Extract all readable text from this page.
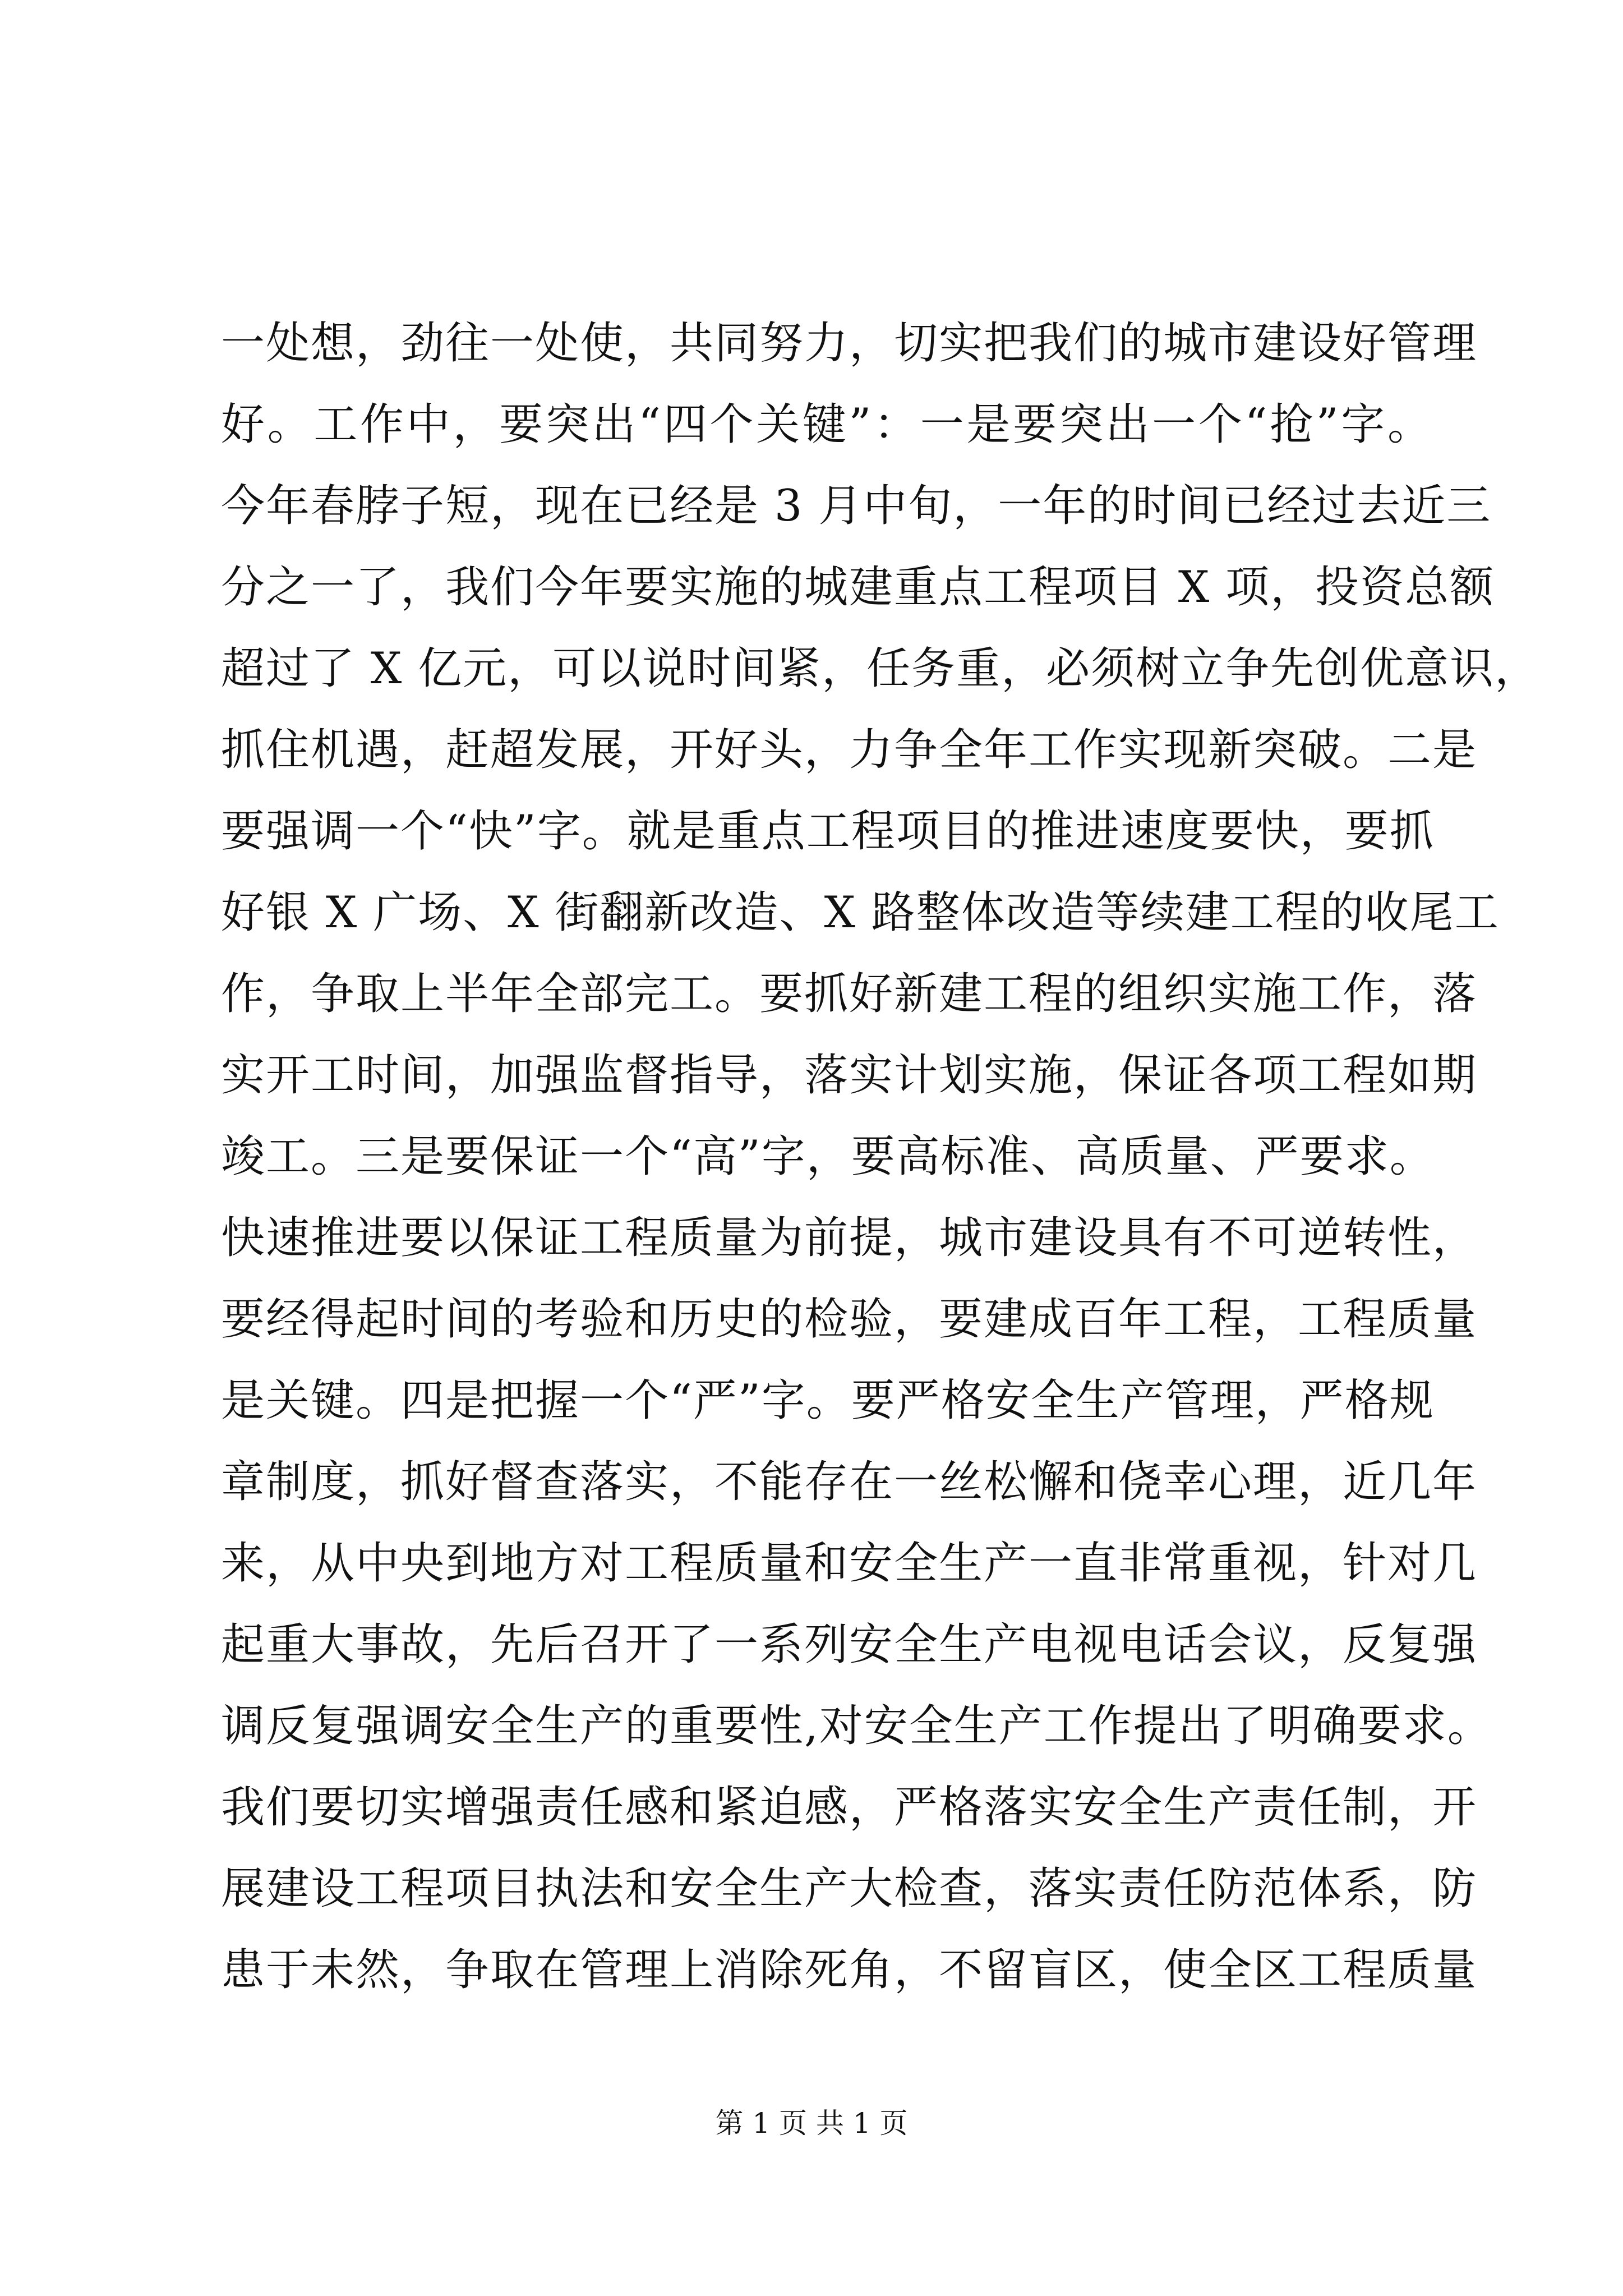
一处想，劲往一处使，共同努力，切实把我们的城市建设好管理
好。工作中，要突出“四个关键”：一是要突出一个“抢”字。
今年春脖子短，现在已经是 3 月中旬，一年的时间已经过去近三
分之一了，我们今年要实施的城建重点工程项目 X 项，投资总额
超过了 X 亿元，可以说时间紧，任务重，必须树立争先创优意识，
抓住机遇，赶超发展，开好头，力争全年工作实现新突破。二是
要强调一个“快”字。就是重点工程项目的推进速度要快，要抓
好银 X 广场、X 街翻新改造、X 路整体改造等续建工程的收尾工
作，争取上半年全部完工。要抓好新建工程的组织实施工作，落
实开工时间，加强监督指导，落实计划实施，保证各项工程如期
竣工。三是要保证一个“高”字，要高标准、高质量、严要求。
快速推进要以保证工程质量为前提，城市建设具有不可逆转性，
要经得起时间的考验和历史的检验，要建成百年工程，工程质量
是关键。四是把握一个“严”字。要严格安全生产管理，严格规
章制度，抓好督查落实，不能存在一丝松懈和侥幸心理，近几年
来，从中央到地方对工程质量和安全生产一直非常重视，针对几
起重大事故，先后召开了一系列安全生产电视电话会议，反复强
调反复强调安全生产的重要性,对安全生产工作提出了明确要求。
我们要切实增强责任感和紧迫感，严格落实安全生产责任制，开
展建设工程项目执法和安全生产大检查，落实责任防范体系，防
患于未然，争取在管理上消除死角，不留盲区，使全区工程质量
第 1 页 共 1 页
